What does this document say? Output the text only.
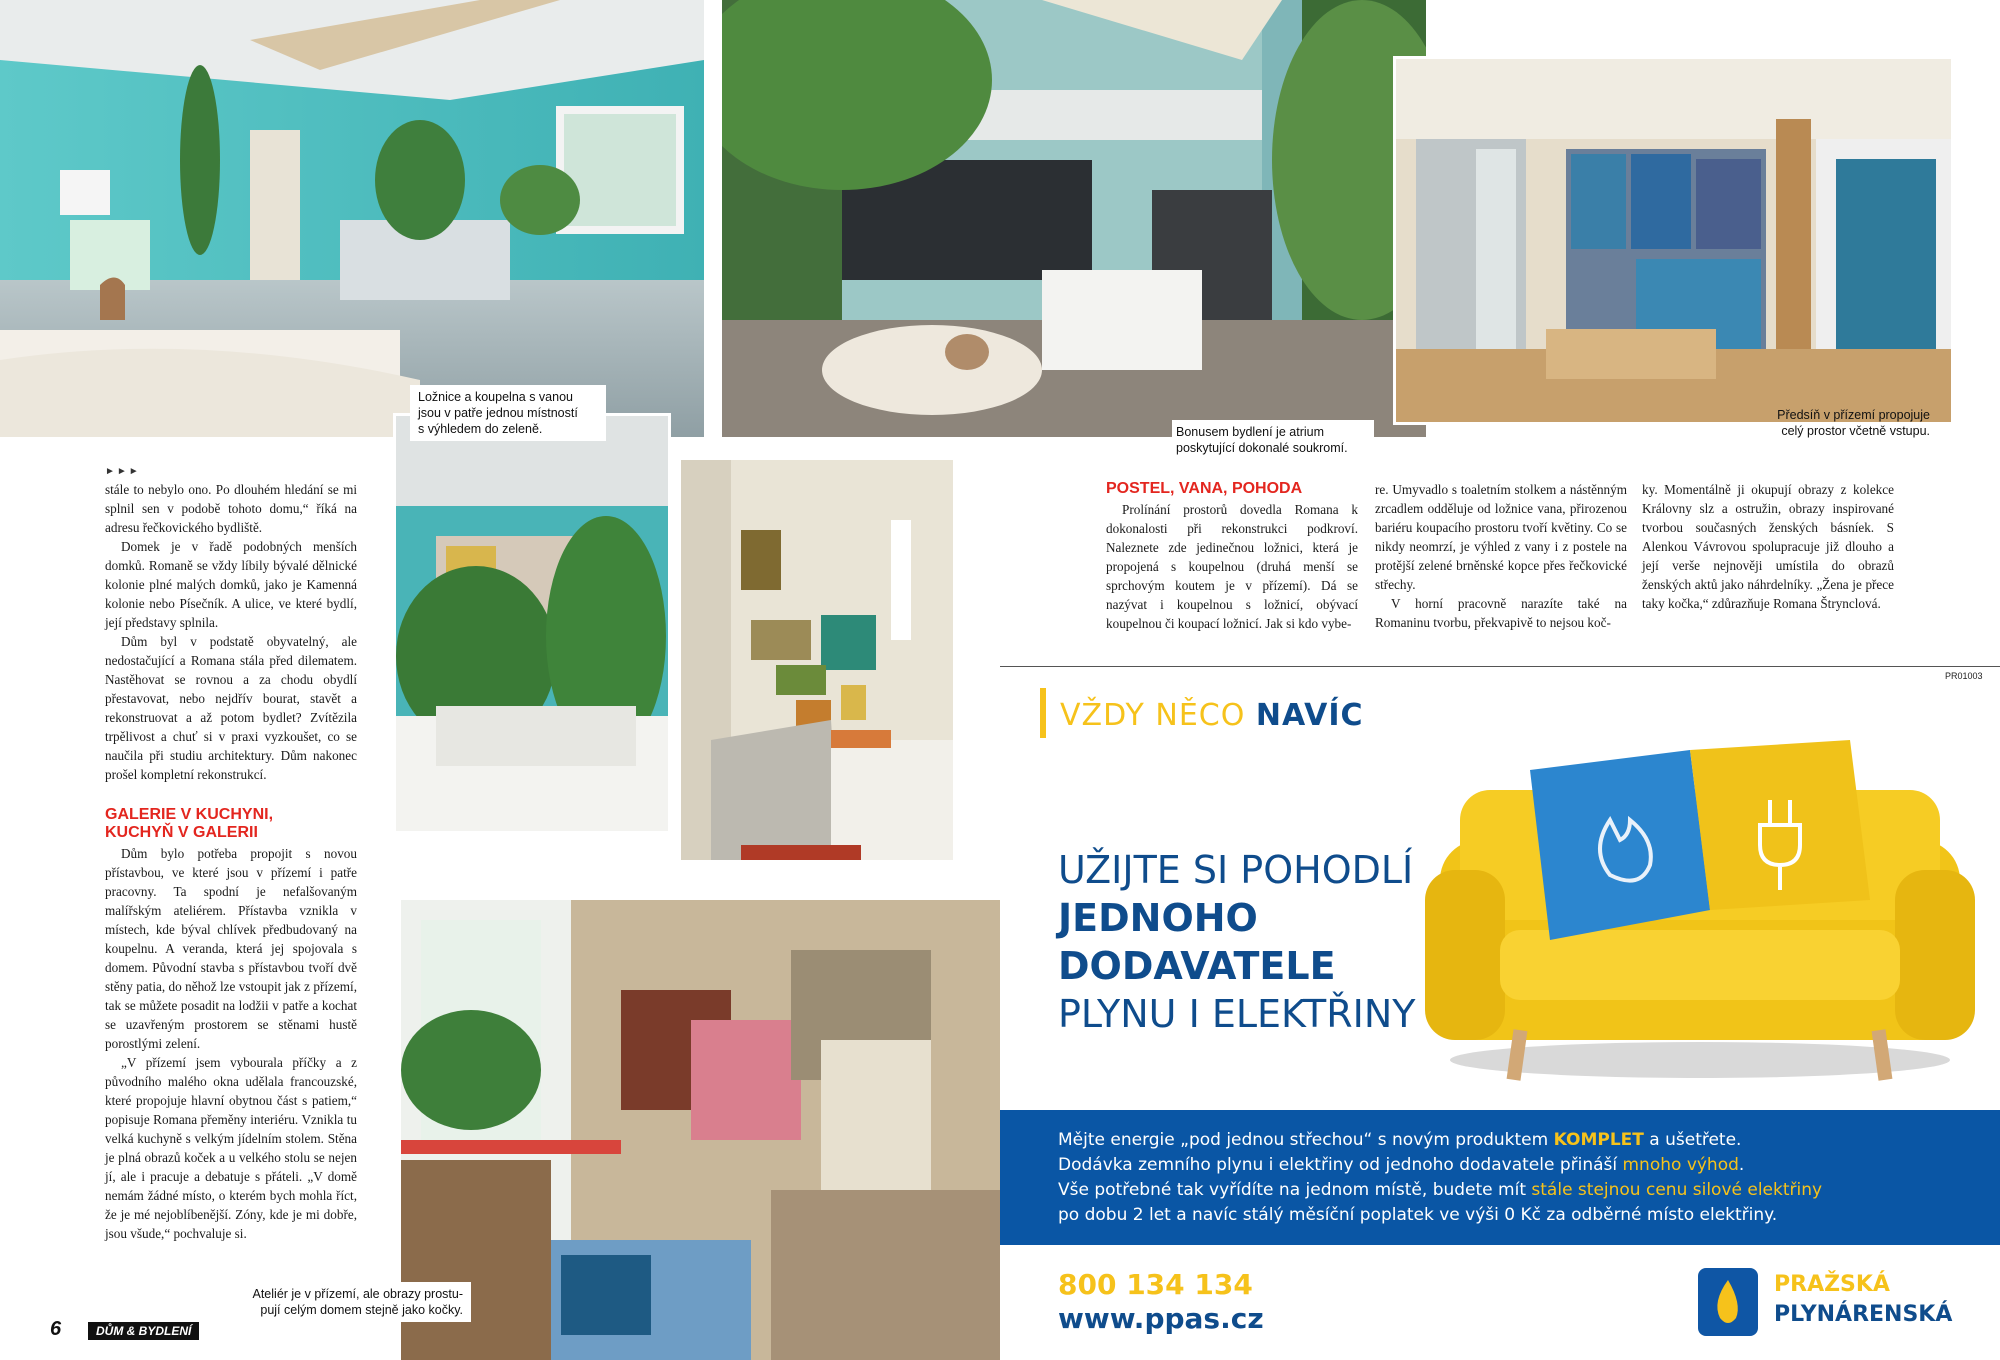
Ložnice a koupelna s vanou
jsou v patře jednou místností
s výhledem do zeleně.	Bonusem bydlení je atrium
poskytující dokonalé soukromí.
Předsíň v přízemí propojuje
celý prostor včetně vstupu.
Ateliér je v přízemí, ale obrazy prostu-
pují celým domem stejně jako kočky.
►►►

stále to nebylo ono. Po dlouhém hledání se mi splnil sen v podobě tohoto domu,“ říká na adresu řečkovického bydliště.

Domek je v řadě podobných menších domků. Romaně se vždy líbily bývalé dělnické kolonie plné malých domků, jako je Kamenná kolonie nebo Písečník. A ulice, ve které bydlí, její představy splnila.

Dům byl v podstatě obyvatelný, ale nedostačující a Romana stála před dilematem. Nastěhovat se rovnou a za chodu obydlí přestavovat, nebo nejdřív bourat, stavět a rekonstruovat a až potom bydlet? Zvítězila trpělivost a chuť si v praxi vyzkoušet, co se naučila při studiu architektury. Dům nakonec prošel kompletní rekonstrukcí.

GALERIE V KUCHYNI,
KUCHYŇ V GALERII

Dům bylo potřeba propojit s novou přístavbou, ve které jsou v přízemí i patře pracovny. Ta spodní je nefalšovaným malířským ateliérem. Přístavba vznikla v místech, kde býval chlívek předbudovaný na koupelnu. A veranda, která jej spojovala s domem. Původní stavba s přístavbou tvoří dvě stěny patia, do něhož lze vstoupit jak z přízemí, tak se můžete posadit na lodžii v patře a kochat se uzavřeným prostorem se stěnami hustě porostlými zelení.

„V přízemí jsem vybourala příčky a z původního malého okna udělala francouzské, které propojuje hlavní obytnou část s patiem,“ popisuje Romana přeměny interiéru. Vznikla tu velká kuchyně s velkým jídelním stolem. Stěna je plná obrazů koček a u velkého stolu se nejen jí, ale i pracuje a debatuje s přáteli. „V domě nemám žádné místo, o kterém bych mohla říct, že je mé nejoblíbenější. Zóny, kde je mi dobře, jsou všude,“ pochvaluje si.

POSTEL, VANA, POHODA

Prolínání prostorů dovedla Romana k dokonalosti při rekonstrukci podkroví. Naleznete zde jedinečnou ložnici, která je propojená s koupelnou (druhá menší se sprchovým koutem je v přízemí). Dá se nazývat i koupelnou s ložnicí, obývací koupelnou či koupací ložnicí. Jak si kdo vybe-

re. Umyvadlo s toaletním stolkem a nástěnným zrcadlem odděluje od ložnice vana, přirozenou bariéru koupacího prostoru tvoří květiny. Co se nikdy neomrzí, je výhled z vany i z postele na protější zelené brněnské kopce přes řečkovické střechy.

V horní pracovně narazíte také na Romaninu tvorbu, překvapivě to nejsou koč-

ky. Momentálně ji okupují obrazy z kolekce Královny slz a ostružin, obrazy inspirované tvorbou současných ženských básníek. S Alenkou Vávrovou spolupracuje již dlouho a její verše nejnověji umístila do obrazů ženských aktů jako náhrdelníky. „Žena je přece taky kočka,“ zdůrazňuje Romana Štrynclová.

6	DŮM & BYDLENÍ
PR01003
VŽDY NĚCO NAVÍC
UŽIJTE SI POHODLÍ
JEDNOHO
DODAVATELE
PLYNU I ELEKTŘINY
Mějte energie „pod jednou střechou“ s novým produktem KOMPLET a ušetřete.
Dodávka zemního plynu i elektřiny od jednoho dodavatele přináší mnoho výhod.
Vše potřebné tak vyřídíte na jednom místě, budete mít stále stejnou cenu silové elektřiny
po dobu 2 let a navíc stálý měsíční poplatek ve výši 0 Kč za odběrné místo elektřiny.
800 134 134
www.ppas.cz
PRAŽSKÁ
PLYNÁRENSKÁ
